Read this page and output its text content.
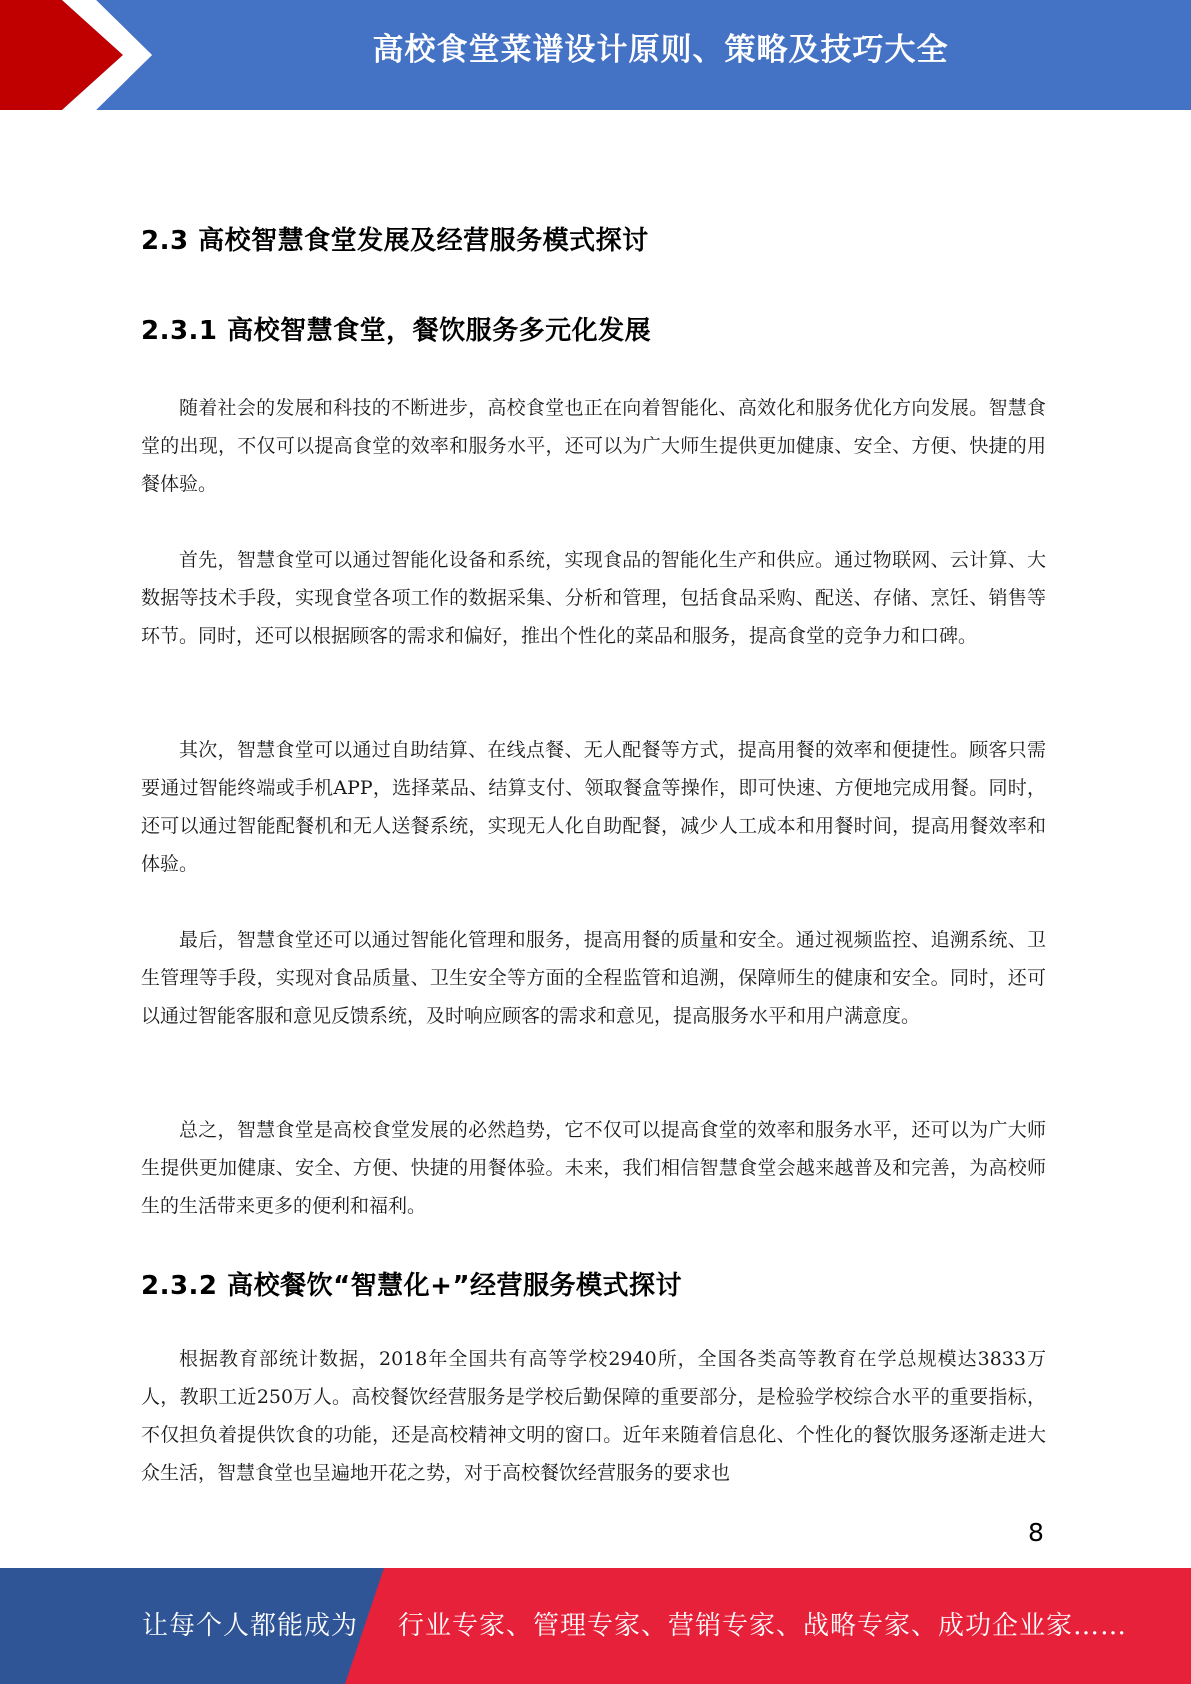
高校食堂菜谱设计原则、策略及技巧大全
2.3 高校智慧食堂发展及经营服务模式探讨
2.3.1 高校智慧食堂，餐饮服务多元化发展

随着社会的发展和科技的不断进步，高校食堂也正在向着智能化、高效化和服务优化方向发展。智慧食堂的出现，不仅可以提高食堂的效率和服务水平，还可以为广大师生提供更加健康、安全、方便、快捷的用餐体验。

首先，智慧食堂可以通过智能化设备和系统，实现食品的智能化生产和供应。通过物联网、云计算、大数据等技术手段，实现食堂各项工作的数据采集、分析和管理，包括食品采购、配送、存储、烹饪、销售等环节。同时，还可以根据顾客的需求和偏好，推出个性化的菜品和服务，提高食堂的竞争力和口碑。

其次，智慧食堂可以通过自助结算、在线点餐、无人配餐等方式，提高用餐的效率和便捷性。顾客只需要通过智能终端或手机APP，选择菜品、结算支付、领取餐盒等操作，即可快速、方便地完成用餐。同时，还可以通过智能配餐机和无人送餐系统，实现无人化自助配餐，减少人工成本和用餐时间，提高用餐效率和体验。

最后，智慧食堂还可以通过智能化管理和服务，提高用餐的质量和安全。通过视频监控、追溯系统、卫生管理等手段，实现对食品质量、卫生安全等方面的全程监管和追溯，保障师生的健康和安全。同时，还可以通过智能客服和意见反馈系统，及时响应顾客的需求和意见，提高服务水平和用户满意度。

总之，智慧食堂是高校食堂发展的必然趋势，它不仅可以提高食堂的效率和服务水平，还可以为广大师生提供更加健康、安全、方便、快捷的用餐体验。未来，我们相信智慧食堂会越来越普及和完善，为高校师生的生活带来更多的便利和福利。

2.3.2 高校餐饮“智慧化+”经营服务模式探讨

根据教育部统计数据，2018年全国共有高等学校2940所，全国各类高等教育在学总规模达3833万人，教职工近250万人。高校餐饮经营服务是学校后勤保障的重要部分，是检验学校综合水平的重要指标，不仅担负着提供饮食的功能，还是高校精神文明的窗口。近年来随着信息化、个性化的餐饮服务逐渐走进大众生活，智慧食堂也呈遍地开花之势，对于高校餐饮经营服务的要求也

8
让每个人都能成为 行业专家、管理专家、营销专家、战略专家、成功企业家……
